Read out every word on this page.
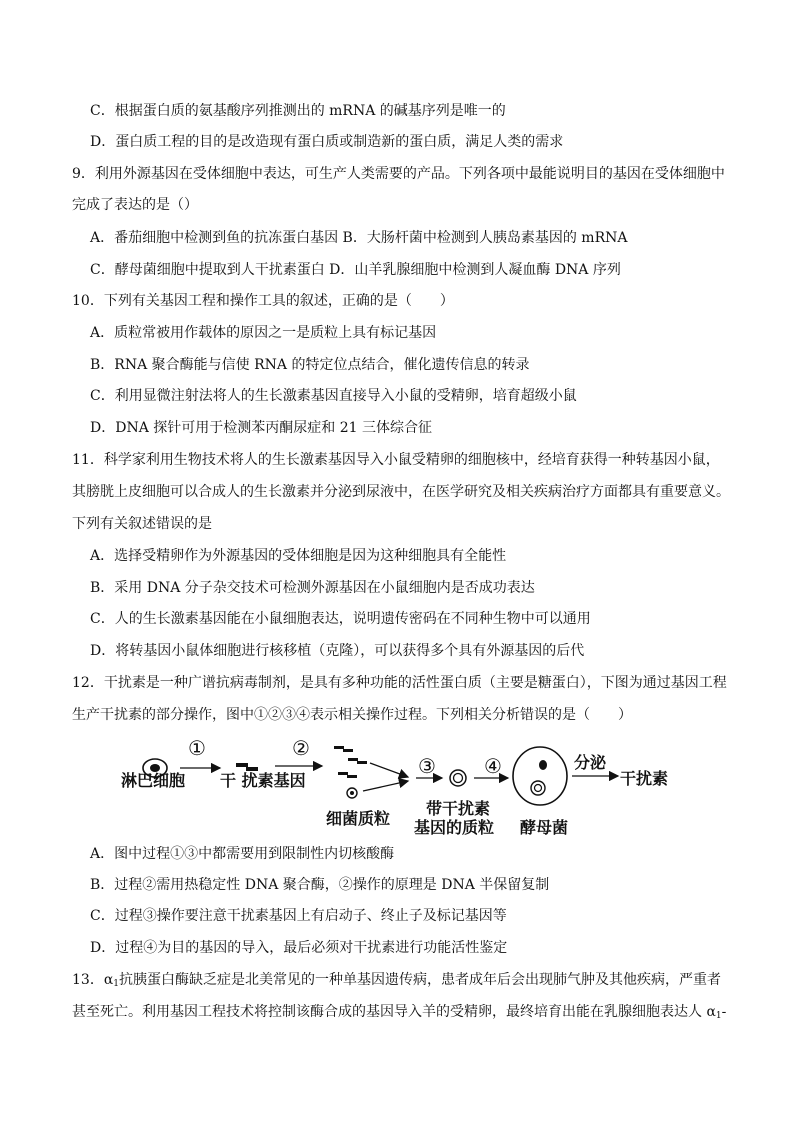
C．根据蛋白质的氨基酸序列推测出的 mRNA 的碱基序列是唯一的
D．蛋白质工程的目的是改造现有蛋白质或制造新的蛋白质，满足人类的需求
9．利用外源基因在受体细胞中表达，可生产人类需要的产品。下列各项中最能说明目的基因在受体细胞中
完成了表达的是（）
A．番茄细胞中检测到鱼的抗冻蛋白基因 B．大肠杆菌中检测到人胰岛素基因的 mRNA
C．酵母菌细胞中提取到人干扰素蛋白 D．山羊乳腺细胞中检测到人凝血酶 DNA 序列
10．下列有关基因工程和操作工具的叙述，正确的是（　　）
A．质粒常被用作载体的原因之一是质粒上具有标记基因
B．RNA 聚合酶能与信使 RNA 的特定位点结合，催化遗传信息的转录
C．利用显微注射法将人的生长激素基因直接导入小鼠的受精卵，培育超级小鼠
D．DNA 探针可用于检测苯丙酮尿症和 21 三体综合征
11．科学家利用生物技术将人的生长激素基因导入小鼠受精卵的细胞核中，经培育获得一种转基因小鼠，
其膀胱上皮细胞可以合成人的生长激素并分泌到尿液中，在医学研究及相关疾病治疗方面都具有重要意义。
下列有关叙述错误的是
A．选择受精卵作为外源基因的受体细胞是因为这种细胞具有全能性
B．采用 DNA 分子杂交技术可检测外源基因在小鼠细胞内是否成功表达
C．人的生长激素基因能在小鼠细胞表达，说明遗传密码在不同种生物中可以通用
D．将转基因小鼠体细胞进行核移植（克隆），可以获得多个具有外源基因的后代
12．干扰素是一种广谱抗病毒制剂，是具有多种功能的活性蛋白质（主要是糖蛋白），下图为通过基因工程
生产干扰素的部分操作，图中①②③④表示相关操作过程。下列相关分析错误的是（　　）
①	②
③ ④
淋巴细胞 干 扰素基因
细菌质粒
带干扰素
基因的质粒 酵母菌
分泌
干扰素
A．图中过程①③中都需要用到限制性内切核酸酶
B．过程②需用热稳定性 DNA 聚合酶，②操作的原理是 DNA 半保留复制
C．过程③操作要注意干扰素基因上有启动子、终止子及标记基因等
D．过程④为目的基因的导入，最后必须对干扰素进行功能活性鉴定
13．$\alpha_1$抗胰蛋白酶缺乏症是北美常见的一种单基因遗传病，患者成年后会出现肺气肿及其他疾病，严重者
甚至死亡。利用基因工程技术将控制该酶合成的基因导入羊的受精卵，最终培育出能在乳腺细胞表达人 $\alpha_1-$
